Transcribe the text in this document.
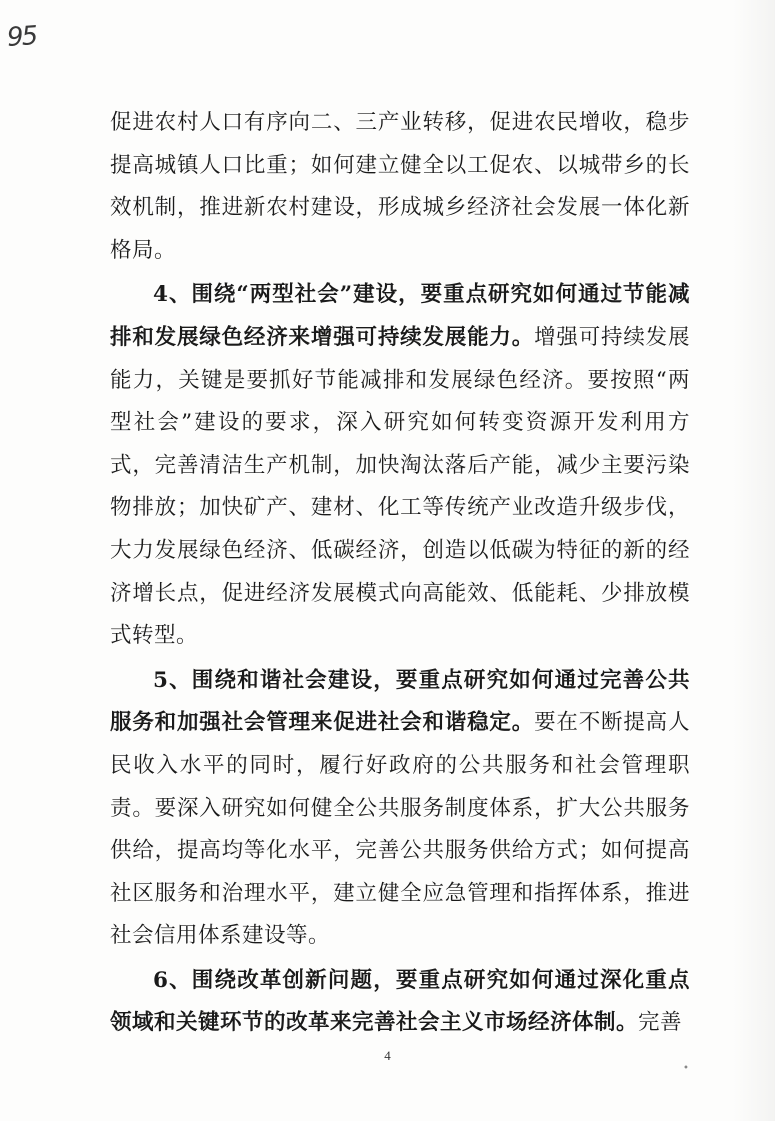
95

促进农村人口有序向二、三产业转移，促进农民增收，稳步提高城镇人口比重；如何建立健全以工促农、以城带乡的长效机制，推进新农村建设，形成城乡经济社会发展一体化新格局。

4、围绕“两型社会”建设，要重点研究如何通过节能减排和发展绿色经济来增强可持续发展能力。增强可持续发展能力，关键是要抓好节能减排和发展绿色经济。要按照“两型社会”建设的要求，深入研究如何转变资源开发利用方式，完善清洁生产机制，加快淘汰落后产能，减少主要污染物排放；加快矿产、建材、化工等传统产业改造升级步伐，大力发展绿色经济、低碳经济，创造以低碳为特征的新的经济增长点，促进经济发展模式向高能效、低能耗、少排放模式转型。

5、围绕和谐社会建设，要重点研究如何通过完善公共服务和加强社会管理来促进社会和谐稳定。要在不断提高人民收入水平的同时，履行好政府的公共服务和社会管理职责。要深入研究如何健全公共服务制度体系，扩大公共服务供给，提高均等化水平，完善公共服务供给方式；如何提高社区服务和治理水平，建立健全应急管理和指挥体系，推进社会信用体系建设等。

6、围绕改革创新问题，要重点研究如何通过深化重点领域和关键环节的改革来完善社会主义市场经济体制。完善

4
•
